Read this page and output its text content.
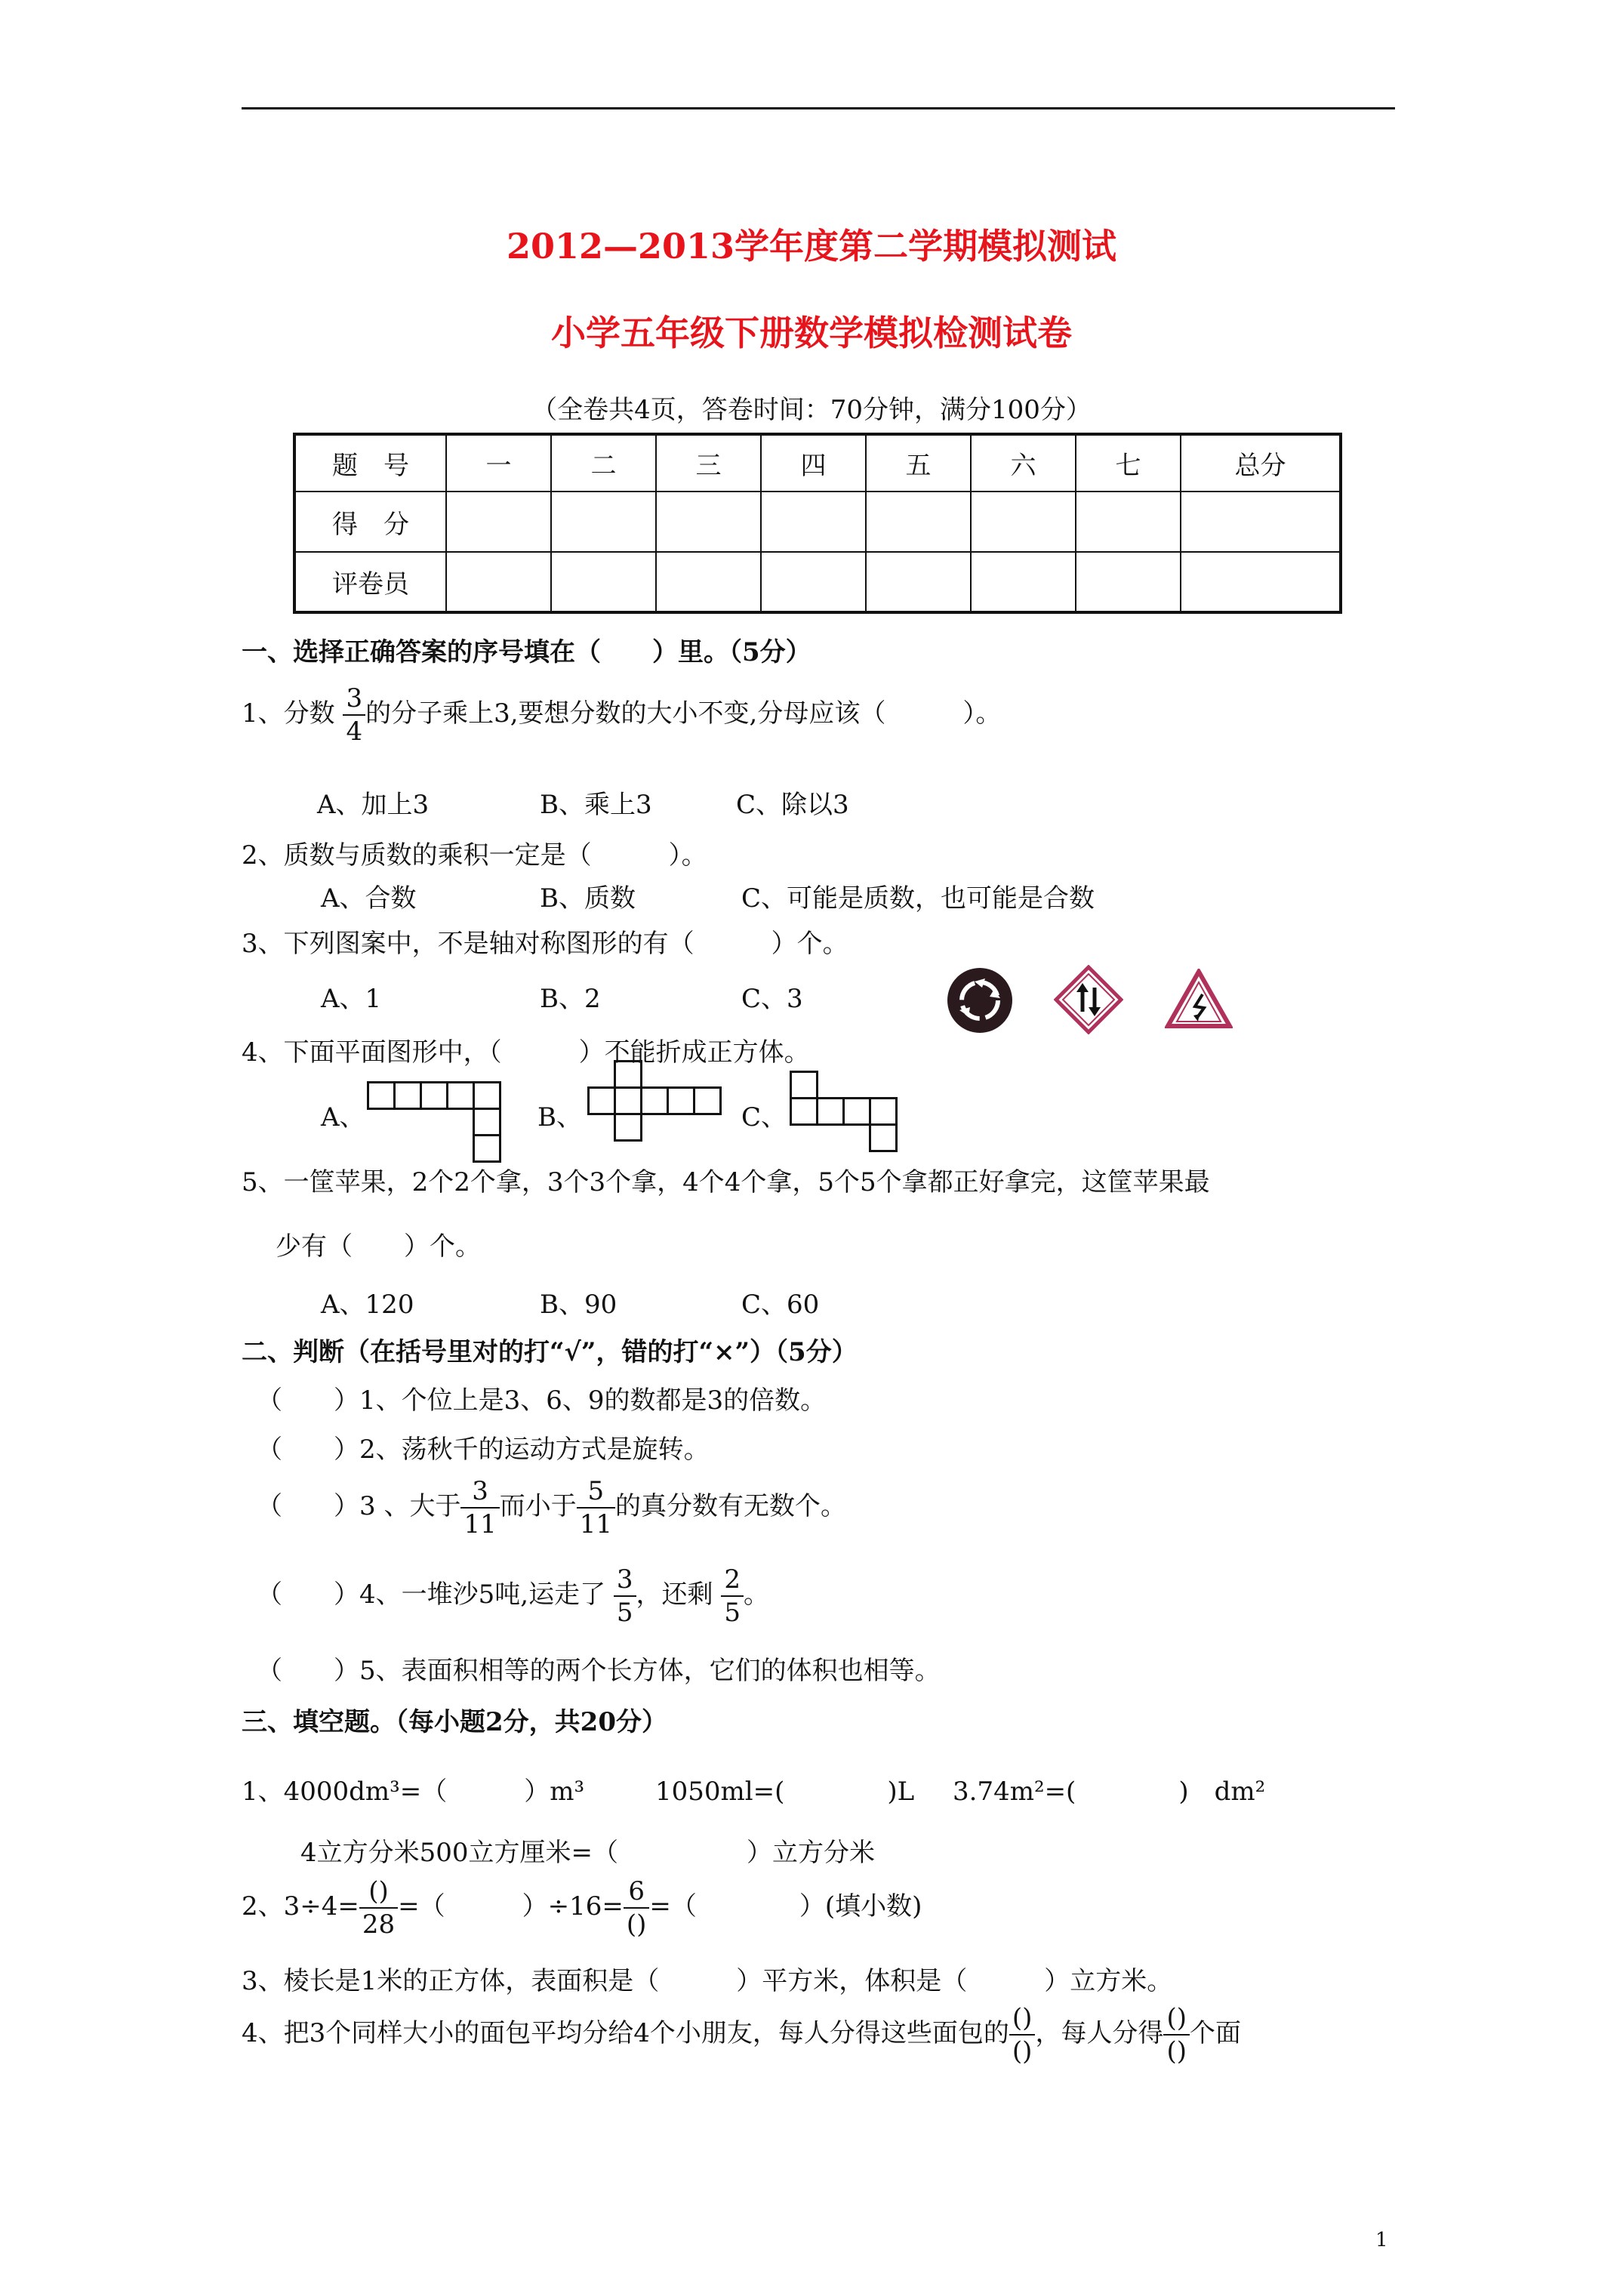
2012—2013学年度第二学期模拟测试
小学五年级下册数学模拟检测试卷
（全卷共4页，答卷时间：70分钟，满分100分）
题　号	一	二	三	四	五	六	七	总分
得　分								
评卷员								
一、选择正确答案的序号填在（　　）里。（5分）
1、分数 $\frac{3}{4}$ 的分子乘上3,要想分数的大小不变,分母应该（　　　）。
A、加上3	B、乘上3	C、除以3
2、质数与质数的乘积一定是（　　　）。
A、合数	B、质数	C、可能是质数，也可能是合数
3、下列图案中，不是轴对称图形的有（　　　）个。
A、1	B、2	C、3
4、下面平面图形中，（　　　）不能折成正方体。
A、	B、	C、
5、一筐苹果，2个2个拿，3个3个拿，4个4个拿，5个5个拿都正好拿完，这筐苹果最
少有（　　）个。
A、120	B、90	C、60
二、判断（在括号里对的打“√”，错的打“×”）（5分）
（　　）1、个位上是3、6、9的数都是3的倍数。
（　　）2、荡秋千的运动方式是旋转。
（　　）3 、大于 $\frac{3}{11}$ 而小于 $\frac{5}{11}$ 的真分数有无数个。
（　　）4、一堆沙5吨,运走了 $\frac{3}{5}$ ，还剩 $\frac{2}{5}$ 。
（　　）5、表面积相等的两个长方体，它们的体积也相等。
三、填空题。（每小题2分，共20分）
1、4000dm³=（　　　）m³	1050ml=(　　　　)L 3.74m²=(　　　　)　dm²
4立方分米500立方厘米=（　　　　　）立方分米
2、$3\div 4= \frac{()}{28}$ =（　　　）$\div 16= \frac{6}{()}$ =（　　　　）(填小数)
3、棱长是1米的正方体，表面积是（　　　）平方米，体积是（　　　）立方米。
4、把3个同样大小的面包平均分给4个小朋友，每人分得这些面包的 $\frac{()}{()}$ ，每人分得 $\frac{()}{()}$ 个面
1
